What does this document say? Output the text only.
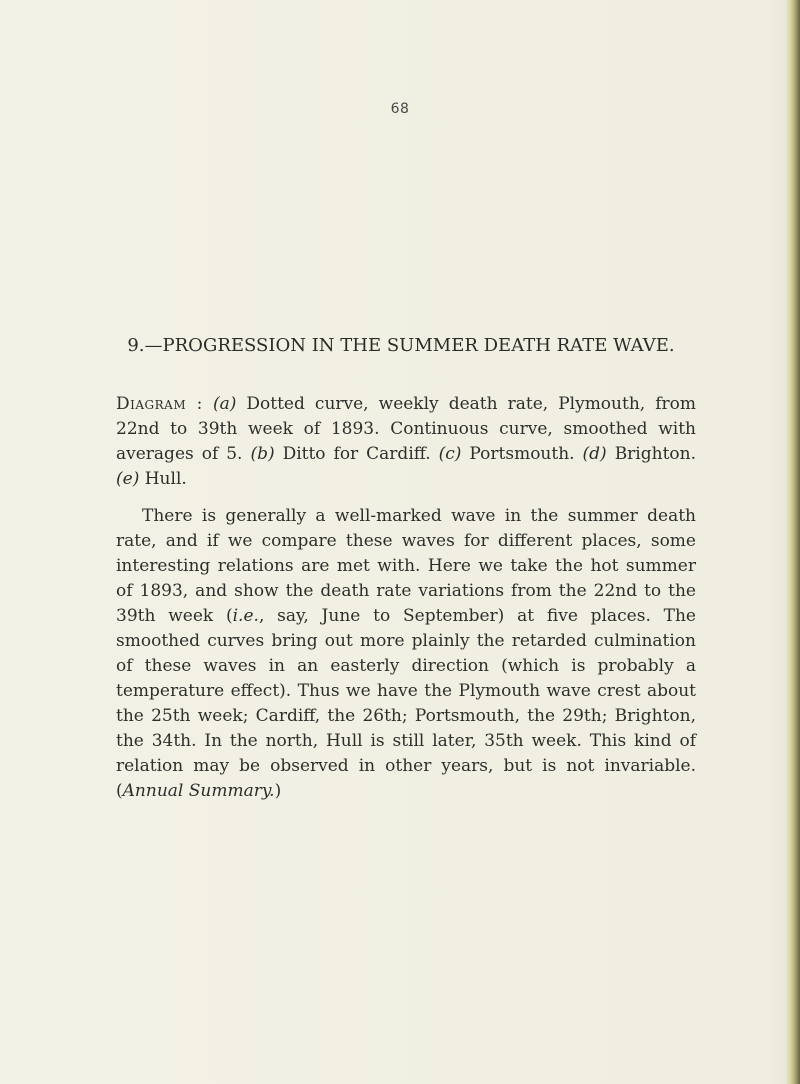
68
9.—PROGRESSION IN THE SUMMER DEATH RATE WAVE.

Diagram : (a) Dotted curve, weekly death rate, Plymouth, from 22nd to 39th week of 1893. Continuous curve, smoothed with averages of 5. (b) Ditto for Cardiff. (c) Portsmouth. (d) Brighton. (e) Hull.

There is generally a well-marked wave in the summer death rate, and if we compare these waves for different places, some interesting relations are met with. Here we take the hot summer of 1893, and show the death rate variations from the 22nd to the 39th week (i.e., say, June to September) at five places. The smoothed curves bring out more plainly the retarded culmination of these waves in an easterly direction (which is probably a temperature effect). Thus we have the Plymouth wave crest about the 25th week; Cardiff, the 26th; Portsmouth, the 29th; Brighton, the 34th. In the north, Hull is still later, 35th week. This kind of relation may be observed in other years, but is not invariable. (Annual Summary.)
